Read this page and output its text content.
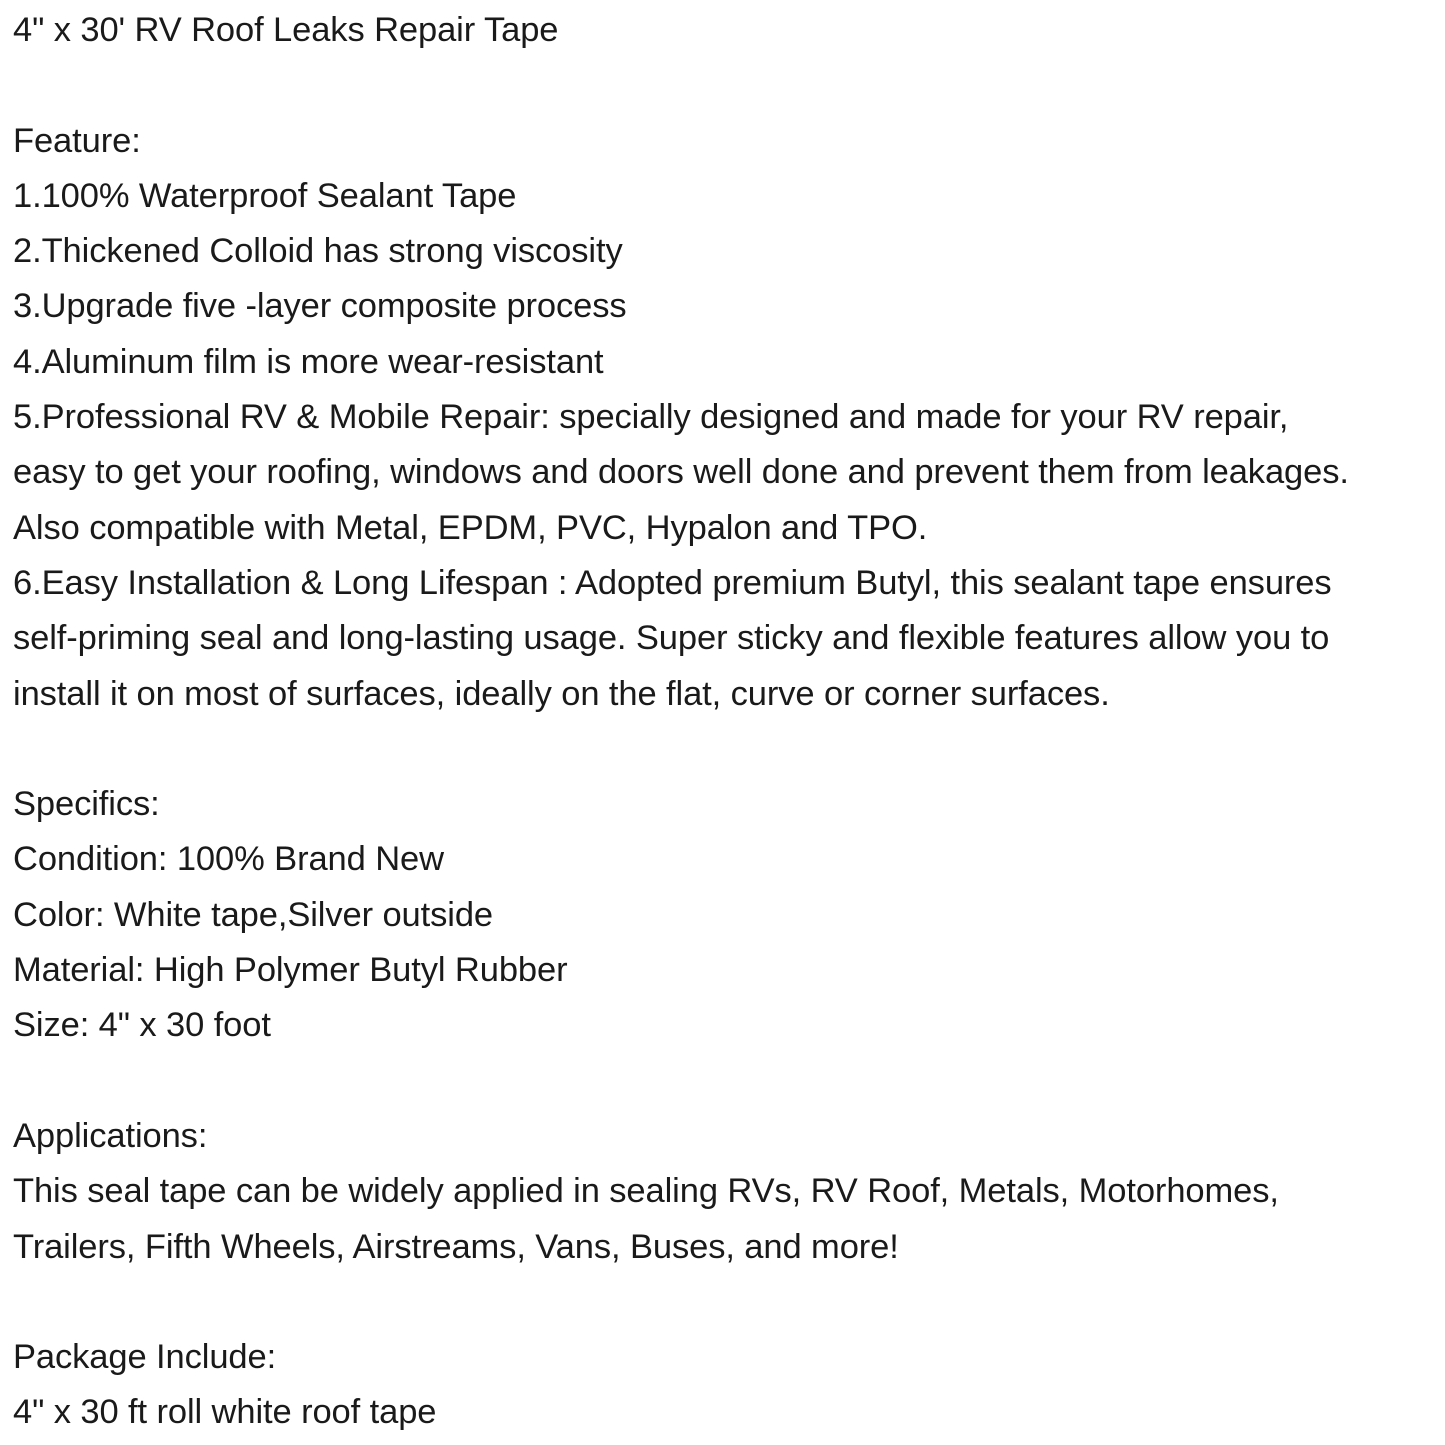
4" x 30' RV Roof Leaks Repair Tape
Feature:
1.100% Waterproof Sealant Tape
2.Thickened Colloid has strong viscosity
3.Upgrade five -layer composite process
4.Aluminum film is more wear-resistant
5.Professional RV & Mobile Repair: specially designed and made for your RV repair,
easy to get your roofing, windows and doors well done and prevent them from leakages.
Also compatible with Metal, EPDM, PVC, Hypalon and TPO.
6.Easy Installation & Long Lifespan : Adopted premium Butyl, this sealant tape ensures
self-priming seal and long-lasting usage. Super sticky and flexible features allow you to
install it on most of surfaces, ideally on the flat, curve or corner surfaces.
Specifics:
Condition: 100% Brand New
Color: White tape,Silver outside
Material: High Polymer Butyl Rubber
Size: 4" x 30 foot
Applications:
This seal tape can be widely applied in sealing RVs, RV Roof, Metals, Motorhomes,
Trailers, Fifth Wheels, Airstreams, Vans, Buses, and more!
Package Include:
4" x 30 ft roll white roof tape
